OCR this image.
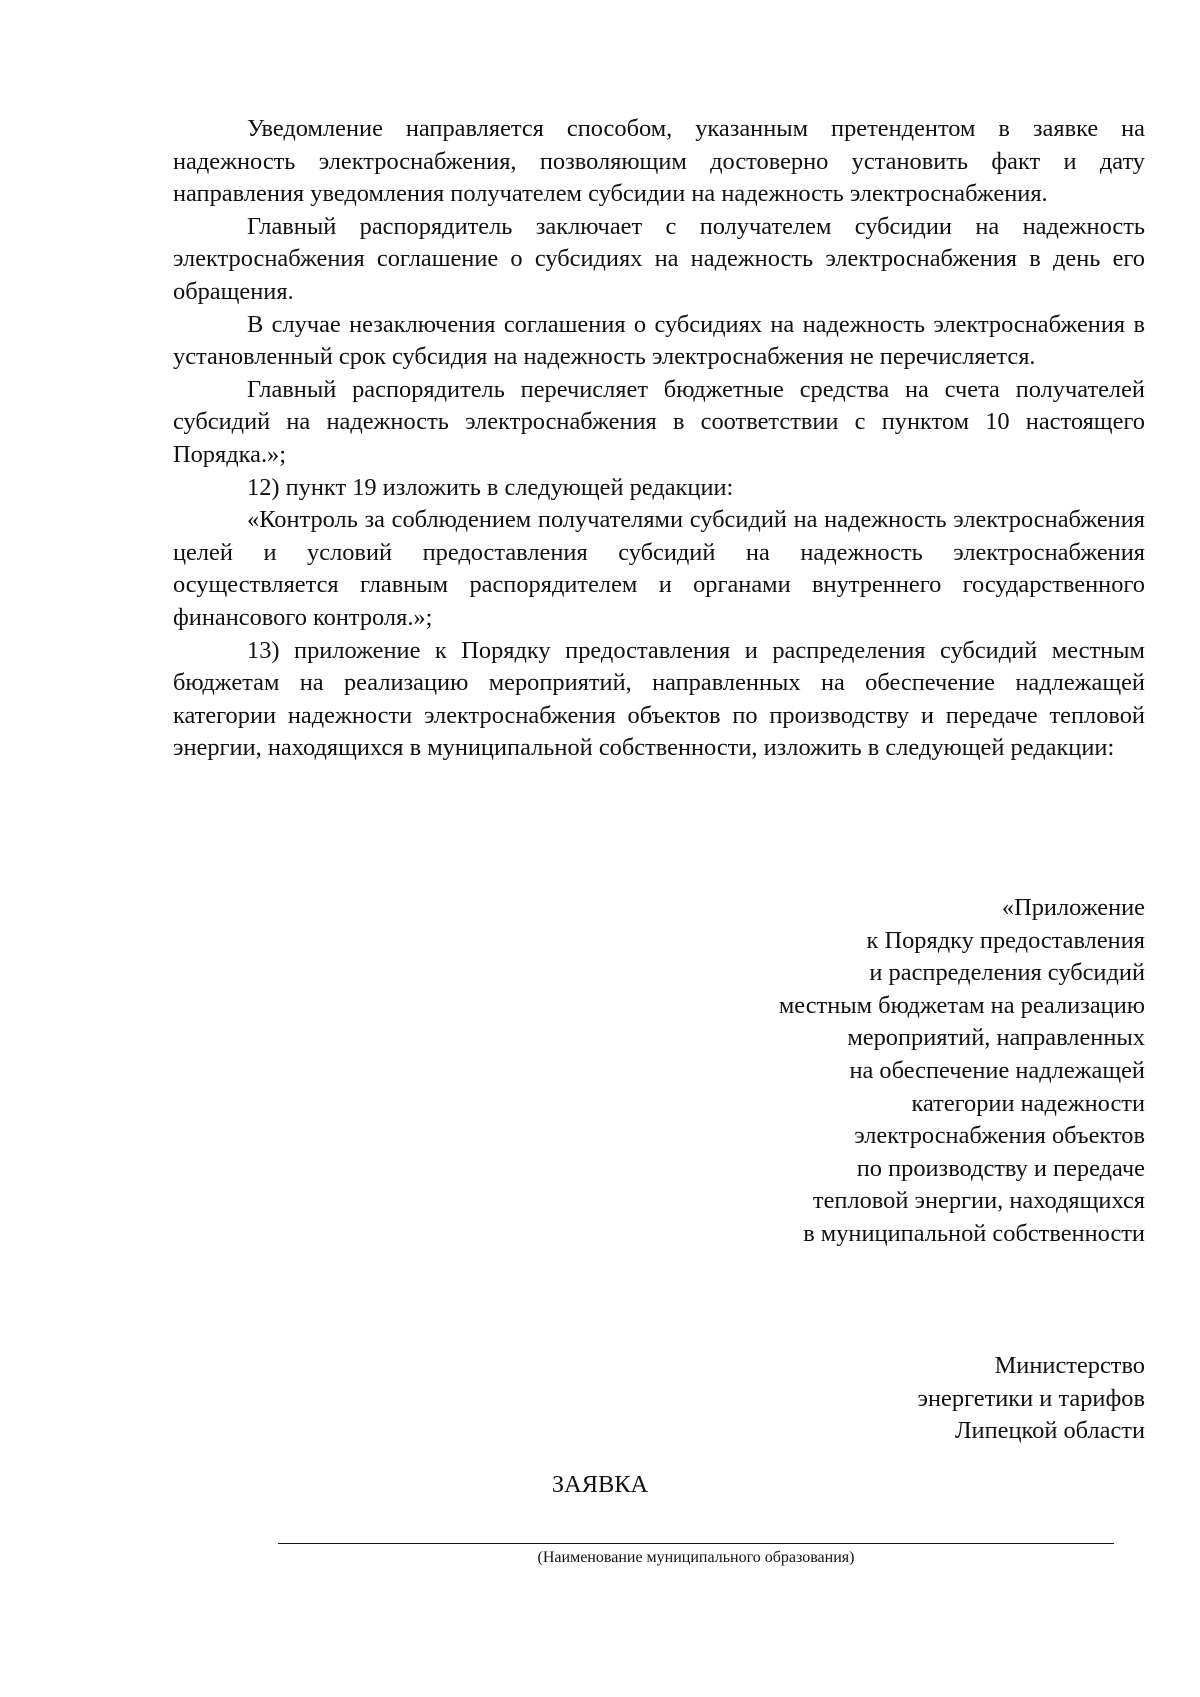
Уведомление направляется способом, указанным претендентом в заявке на надежность электроснабжения, позволяющим достоверно установить факт и дату направления уведомления получателем субсидии на надежность электроснабжения.

Главный распорядитель заключает с получателем субсидии на надежность электроснабжения соглашение о субсидиях на надежность электроснабжения в день его обращения.

В случае незаключения соглашения о субсидиях на надежность электроснабжения в установленный срок субсидия на надежность электроснабжения не перечисляется.

Главный распорядитель перечисляет бюджетные средства на счета получателей субсидий на надежность электроснабжения в соответствии с пунктом 10 настоящего Порядка.»;

12) пункт 19 изложить в следующей редакции:

«Контроль за соблюдением получателями субсидий на надежность электроснабжения целей и условий предоставления субсидий на надежность электроснабжения осуществляется главным распорядителем и органами внутреннего государственного финансового контроля.»;

13) приложение к Порядку предоставления и распределения субсидий местным бюджетам на реализацию мероприятий, направленных на обеспечение надлежащей категории надежности электроснабжения объектов по производству и передаче тепловой энергии, находящихся в муниципальной собственности, изложить в следующей редакции:

«Приложение
к Порядку предоставления
и распределения субсидий
местным бюджетам на реализацию
мероприятий, направленных
на обеспечение надлежащей
категории надежности
электроснабжения объектов
по производству и передаче
тепловой энергии, находящихся
в муниципальной собственности
Министерство
энергетики и тарифов
Липецкой области
ЗАЯВКА
(Наименование муниципального образования)
